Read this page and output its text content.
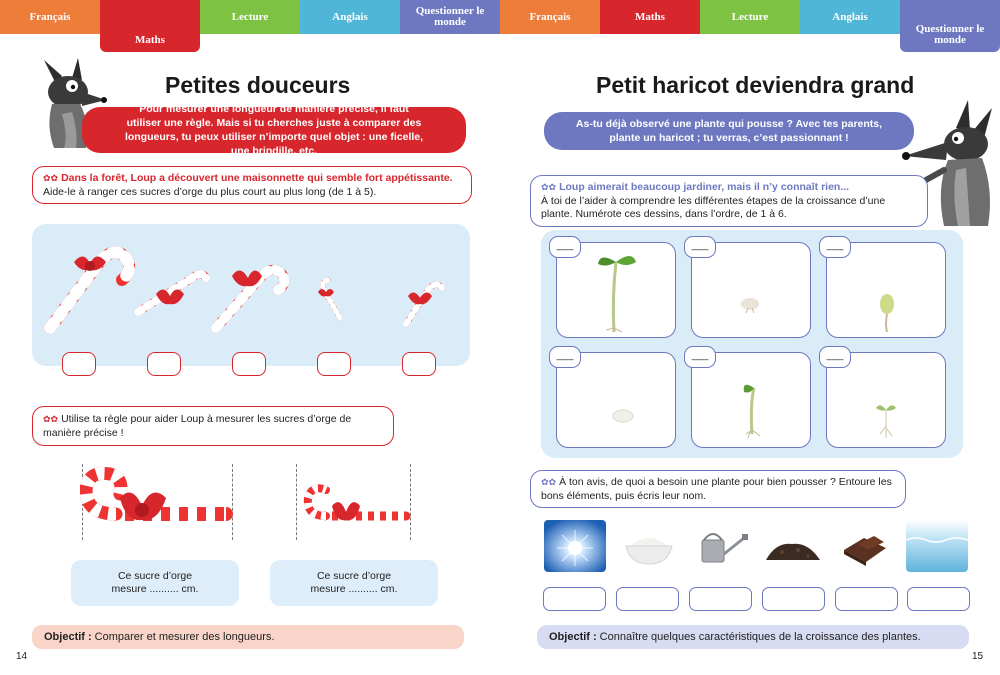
Français
Maths
Lecture	Anglais	Questionner le monde	Français	Maths	Lecture	Anglais
Questionner le monde
Petites douceurs
Pour mesurer une longueur de manière précise, il faut utiliser une règle. Mais si tu cherches juste à comparer des longueurs, tu peux utiliser n’importe quel objet : une ficelle, une brindille, etc.
✿✿ Dans la forêt, Loup a découvert une maisonnette qui semble fort appétissante.
Aide-le à ranger ces sucres d’orge du plus court au plus long (de 1 à 5).
✿✿ Utilise ta règle pour aider Loup à mesurer les sucres d’orge de manière précise !
Ce sucre d’orge
mesure .......... cm.
Ce sucre d’orge
mesure .......... cm.
Objectif : Comparer et mesurer des longueurs.
14
Petit haricot deviendra grand
As-tu déjà observé une plante qui pousse ? Avec tes parents, plante un haricot ; tu verras, c’est passionnant !
✿✿ Loup aimerait beaucoup jardiner, mais il n’y connaît rien...
À toi de l’aider à comprendre les différentes étapes de la croissance d’une plante. Numérote ces dessins, dans l’ordre, de 1 à 6.
___	___	___
___	___	___
✿✿ À ton avis, de quoi a besoin une plante pour bien pousser ? Entoure les bons éléments, puis écris leur nom.
Objectif : Connaître quelques caractéristiques de la croissance des plantes.
15
